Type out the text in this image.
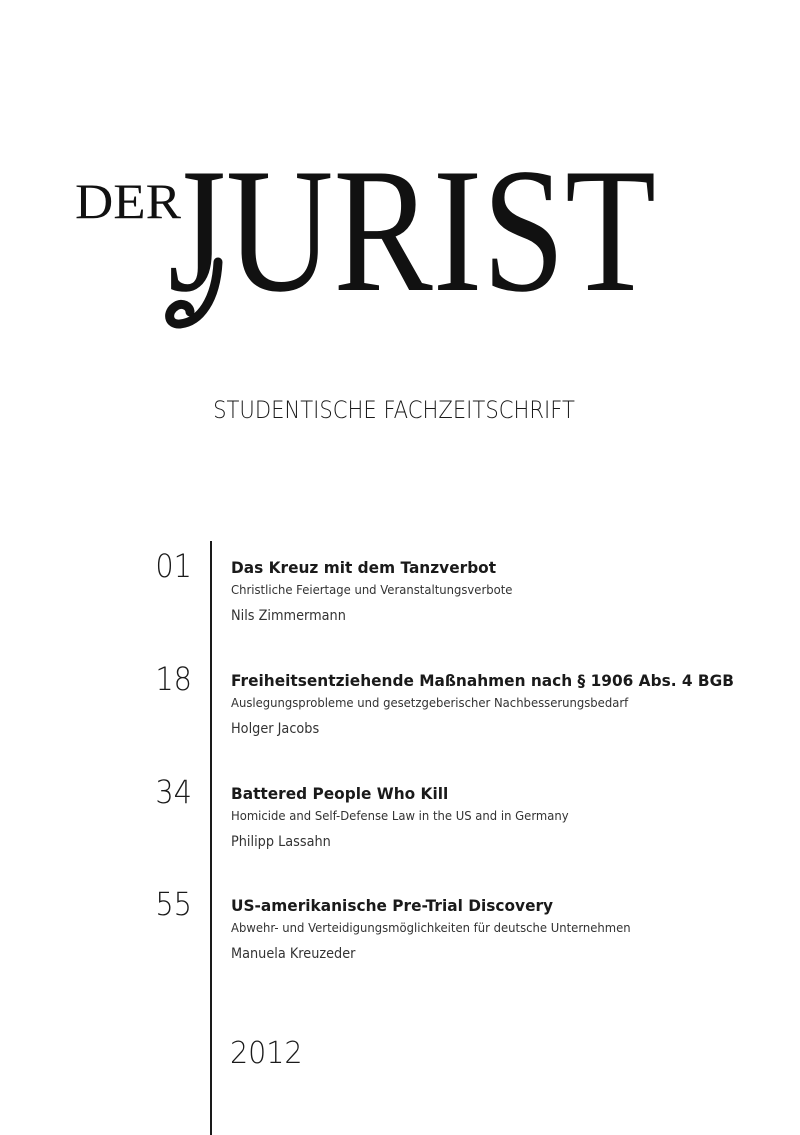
DER
JURIST
STUDENTISCHE FACHZEITSCHRIFT
01 Das Kreuz mit dem Tanzverbot
Christliche Feiertage und Veranstaltungsverbote
Nils Zimmermann
18 Freiheitsentziehende Maßnahmen nach § 1906 Abs. 4 BGB
Auslegungsprobleme und gesetzgeberischer Nachbesserungsbedarf
Holger Jacobs
34 Battered People Who Kill
Homicide and Self-Defense Law in the US and in Germany
Philipp Lassahn
55 US-amerikanische Pre-Trial Discovery
Abwehr- und Verteidigungsmöglichkeiten für deutsche Unternehmen
Manuela Kreuzeder
2012
